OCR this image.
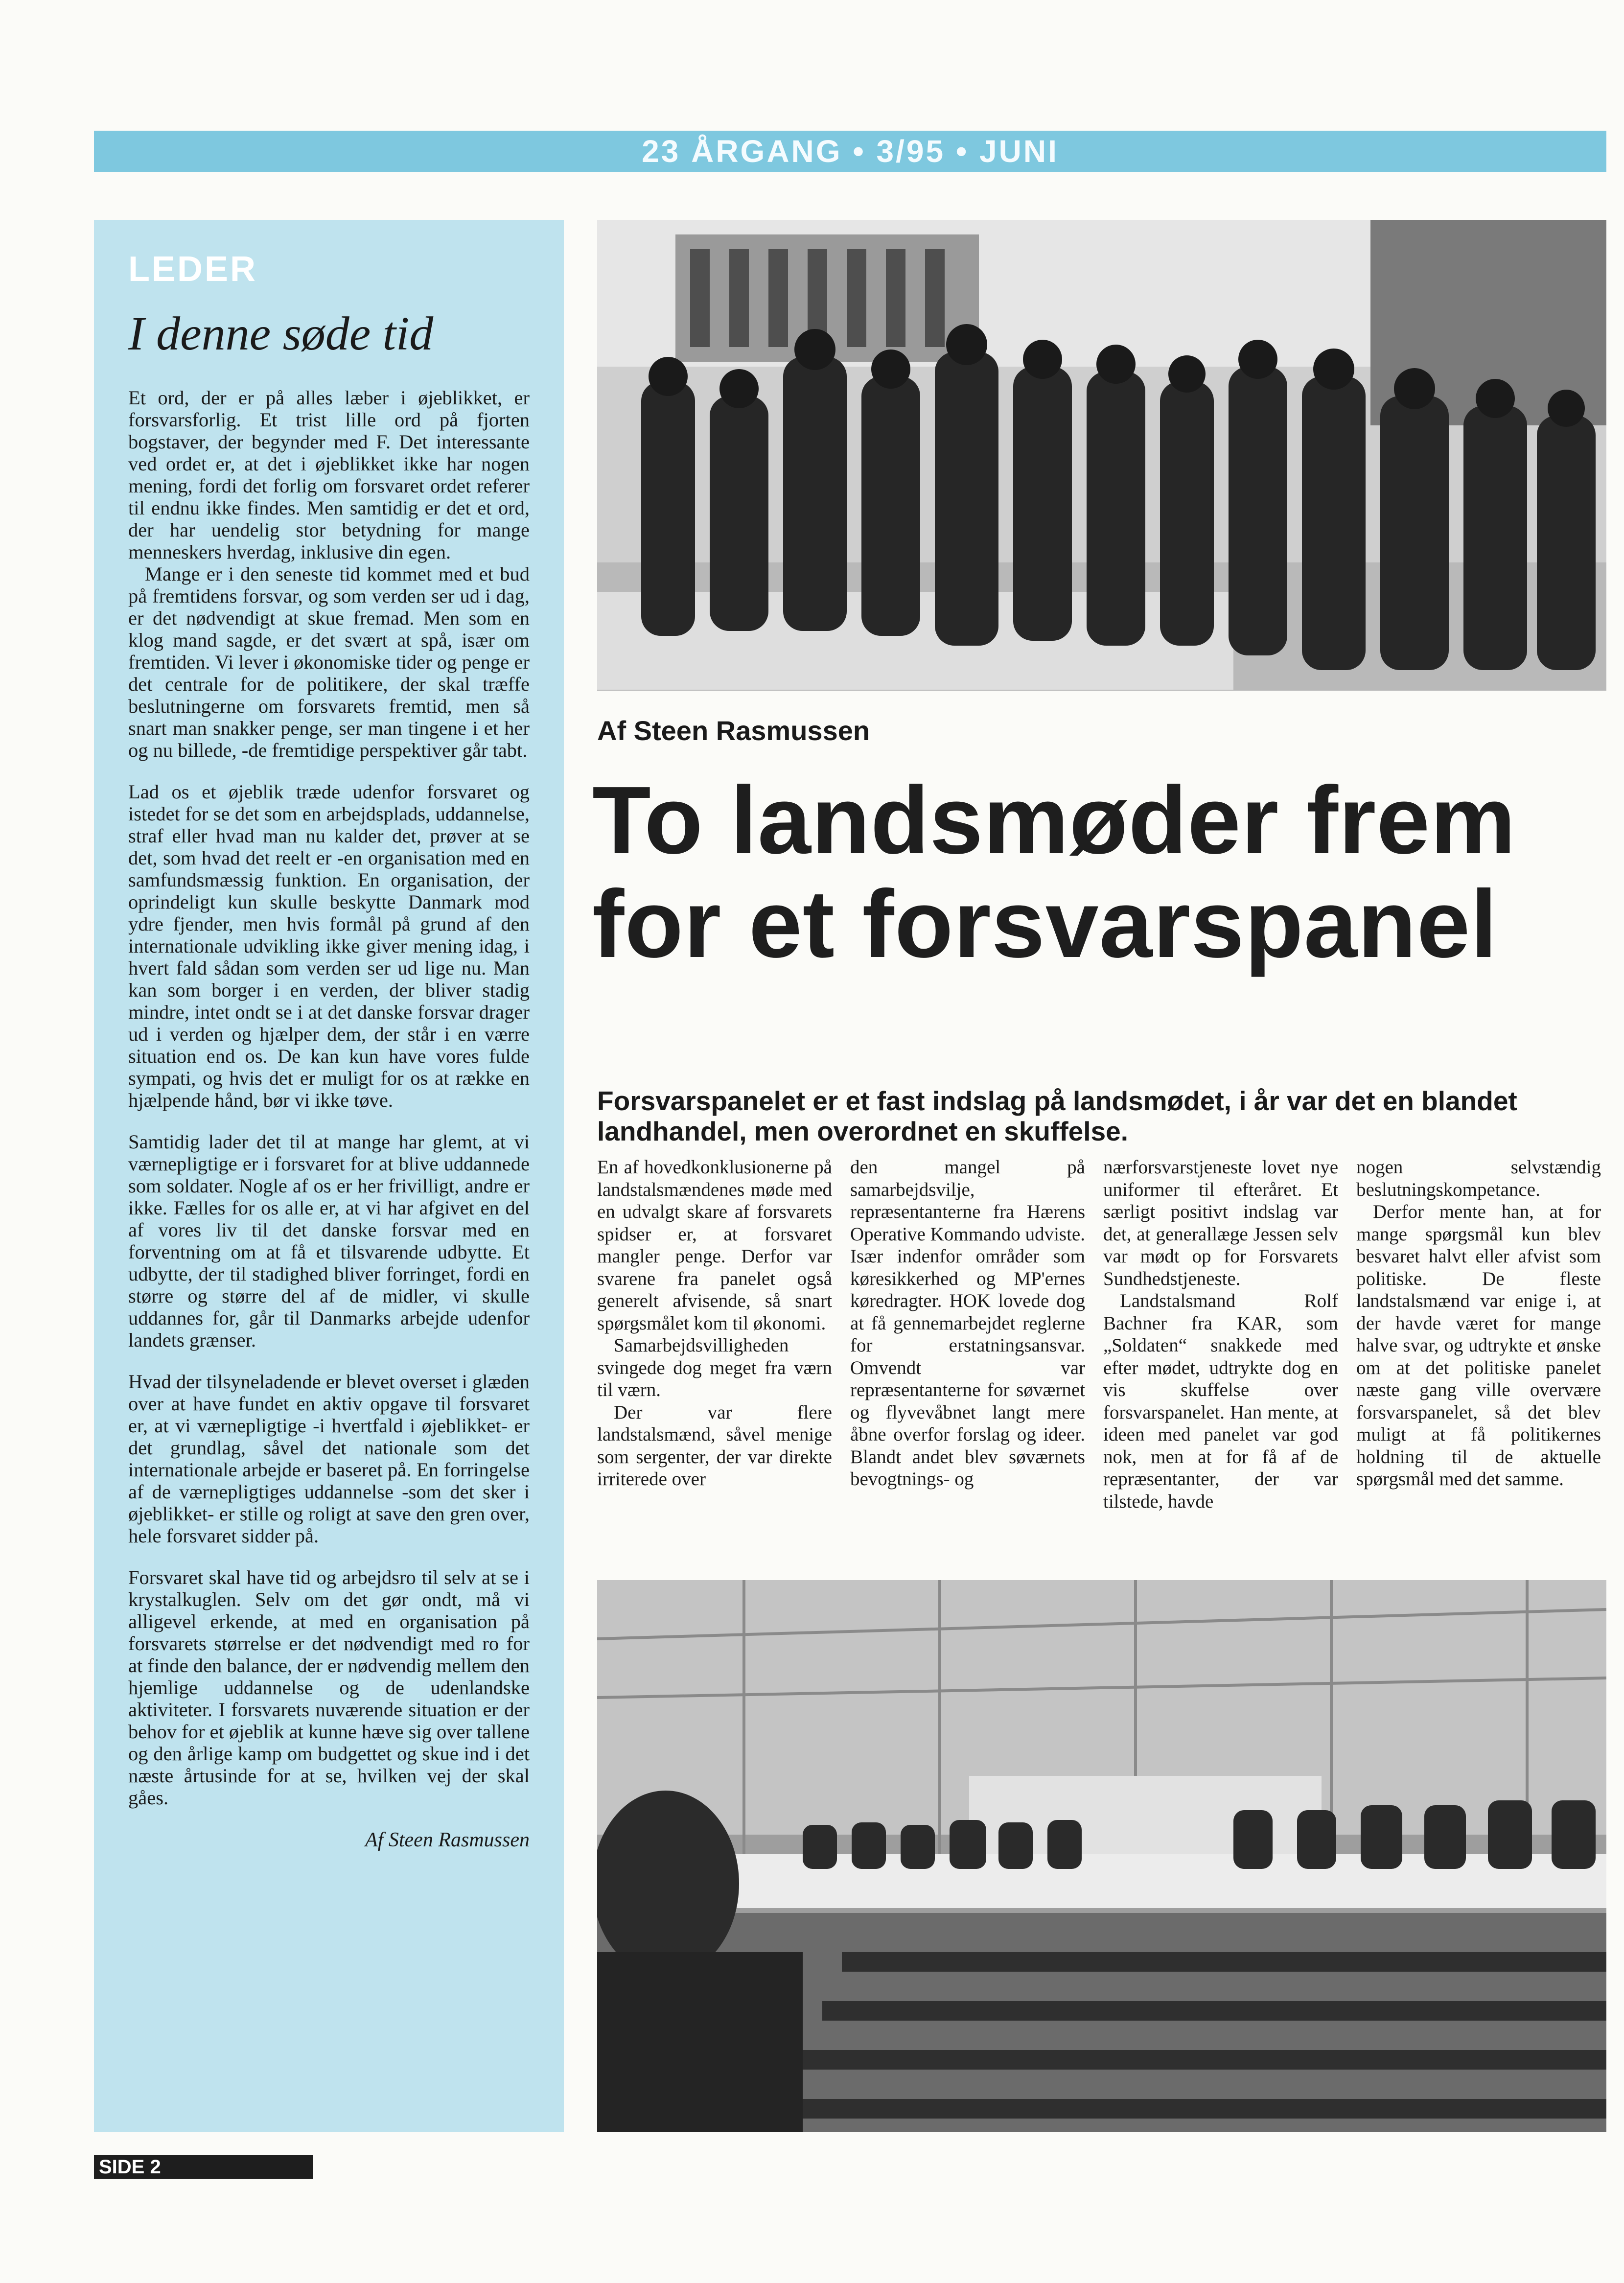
23 ÅRGANG • 3/95 • JUNI
LEDER
I denne søde tid

Et ord, der er på alles læber i øjeblikket, er forsvarsforlig. Et trist lille ord på fjorten bogstaver, der begynder med F. Det interessante ved ordet er, at det i øjeblikket ikke har nogen mening, fordi det forlig om forsvaret ordet referer til endnu ikke findes. Men samtidig er det et ord, der har uendelig stor betydning for mange menneskers hverdag, inklusive din egen.

Mange er i den seneste tid kommet med et bud på fremtidens forsvar, og som verden ser ud i dag, er det nødvendigt at skue fremad. Men som en klog mand sagde, er det svært at spå, især om fremtiden. Vi lever i økonomiske tider og penge er det centrale for de politikere, der skal træffe beslutningerne om forsvarets fremtid, men så snart man snakker penge, ser man tingene i et her og nu billede, -de fremtidige perspektiver går tabt.

Lad os et øjeblik træde udenfor forsvaret og istedet for se det som en arbejdsplads, uddannelse, straf eller hvad man nu kalder det, prøver at se det, som hvad det reelt er -en organisation med en samfundsmæssig funktion. En organisation, der oprindeligt kun skulle beskytte Danmark mod ydre fjender, men hvis formål på grund af den internationale udvikling ikke giver mening idag, i hvert fald sådan som verden ser ud lige nu. Man kan som borger i en verden, der bliver stadig mindre, intet ondt se i at det danske forsvar drager ud i verden og hjælper dem, der står i en værre situation end os. De kan kun have vores fulde sympati, og hvis det er muligt for os at række en hjælpende hånd, bør vi ikke tøve.

Samtidig lader det til at mange har glemt, at vi værnepligtige er i forsvaret for at blive uddannede som soldater. Nogle af os er her frivilligt, andre er ikke. Fælles for os alle er, at vi har afgivet en del af vores liv til det danske forsvar med en forventning om at få et tilsvarende udbytte. Et udbytte, der til stadighed bliver forringet, fordi en større og større del af de midler, vi skulle uddannes for, går til Danmarks arbejde udenfor landets grænser.

Hvad der tilsyneladende er blevet overset i glæden over at have fundet en aktiv opgave til forsvaret er, at vi værnepligtige -i hvertfald i øjeblikket- er det grundlag, såvel det nationale som det internationale arbejde er baseret på. En forringelse af de værnepligtiges uddannelse -som det sker i øjeblikket- er stille og roligt at save den gren over, hele forsvaret sidder på.

Forsvaret skal have tid og arbejdsro til selv at se i krystalkuglen. Selv om det gør ondt, må vi alligevel erkende, at med en organisation på forsvarets størrelse er det nødvendigt med ro for at finde den balance, der er nødvendig mellem den hjemlige uddannelse og de udenlandske aktiviteter. I forsvarets nuværende situation er der behov for et øjeblik at kunne hæve sig over tallene og den årlige kamp om budgettet og skue ind i det næste årtusinde for at se, hvilken vej der skal gåes.

Af Steen Rasmussen
Af Steen Rasmussen
To landsmøder frem for et forsvarspanel
Forsvarspanelet er et fast indslag på landsmødet, i år var det en blandet landhandel, men overordnet en skuffelse.

En af hovedkonklusionerne på landstalsmændenes møde med en udvalgt skare af forsvarets spidser er, at forsvaret mangler penge. Derfor var svarene fra panelet også generelt afvisende, så snart spørgsmålet kom til økonomi.

Samarbejdsvilligheden svingede dog meget fra værn til værn.

Der var flere landstalsmænd, såvel menige som sergenter, der var direkte irriterede over

den mangel på samarbejdsvilje, repræsentanterne fra Hærens Operative Kommando udviste. Især indenfor områder som køresikkerhed og MP'ernes køredragter. HOK lovede dog at få gennemarbejdet reglerne for erstatningsansvar. Omvendt var repræsentanterne for søværnet og flyvevåbnet langt mere åbne overfor forslag og ideer. Blandt andet blev søværnets bevogtnings- og

nærforsvarstjeneste lovet nye uniformer til efteråret. Et særligt positivt indslag var det, at generallæge Jessen selv var mødt op for Forsvarets Sundhedstjeneste.

Landstalsmand Rolf Bachner fra KAR, som „Soldaten“ snakkede med efter mødet, udtrykte dog en vis skuffelse over forsvarspanelet. Han mente, at ideen med panelet var god nok, men at for få af de repræsentanter, der var tilstede, havde

nogen selvstændig beslutningskompetance.

Derfor mente han, at for mange spørgsmål kun blev besvaret halvt eller afvist som politiske. De fleste landstalsmænd var enige i, at der havde været for mange halve svar, og udtrykte et ønske om at det politiske panelet næste gang ville overvære forsvarspanelet, så det blev muligt at få politikernes holdning til de aktuelle spørgsmål med det samme.

SIDE 2
